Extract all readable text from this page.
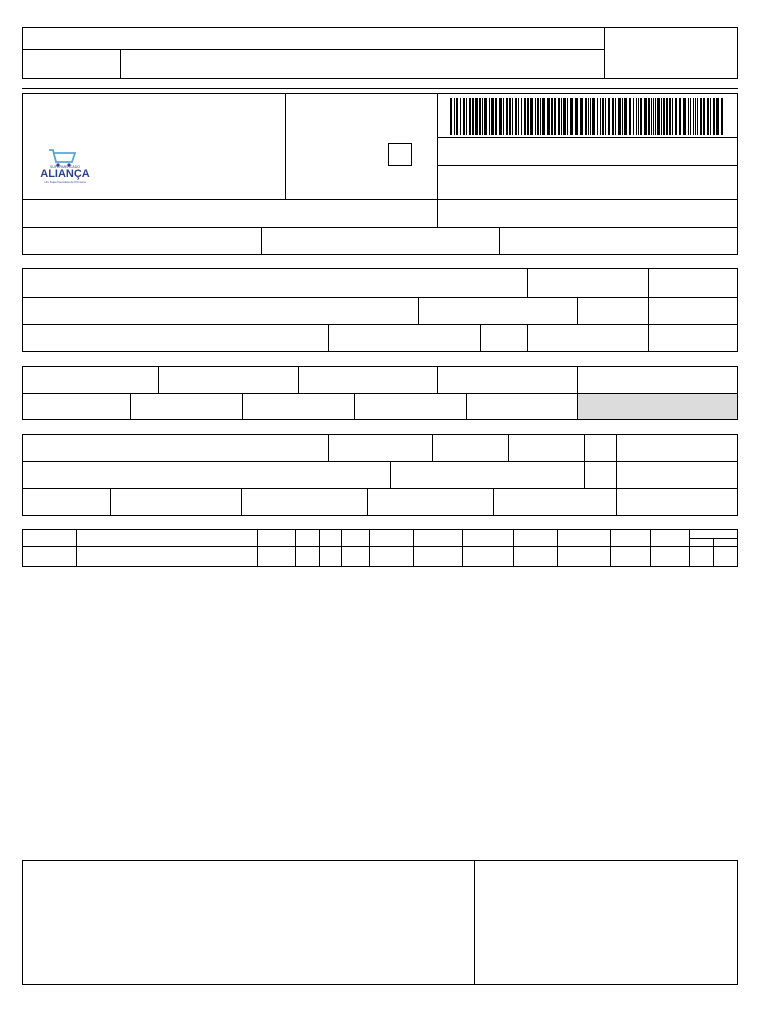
SUPERMERCADO
ALIANÇA
Um Supermercado de Primeira
